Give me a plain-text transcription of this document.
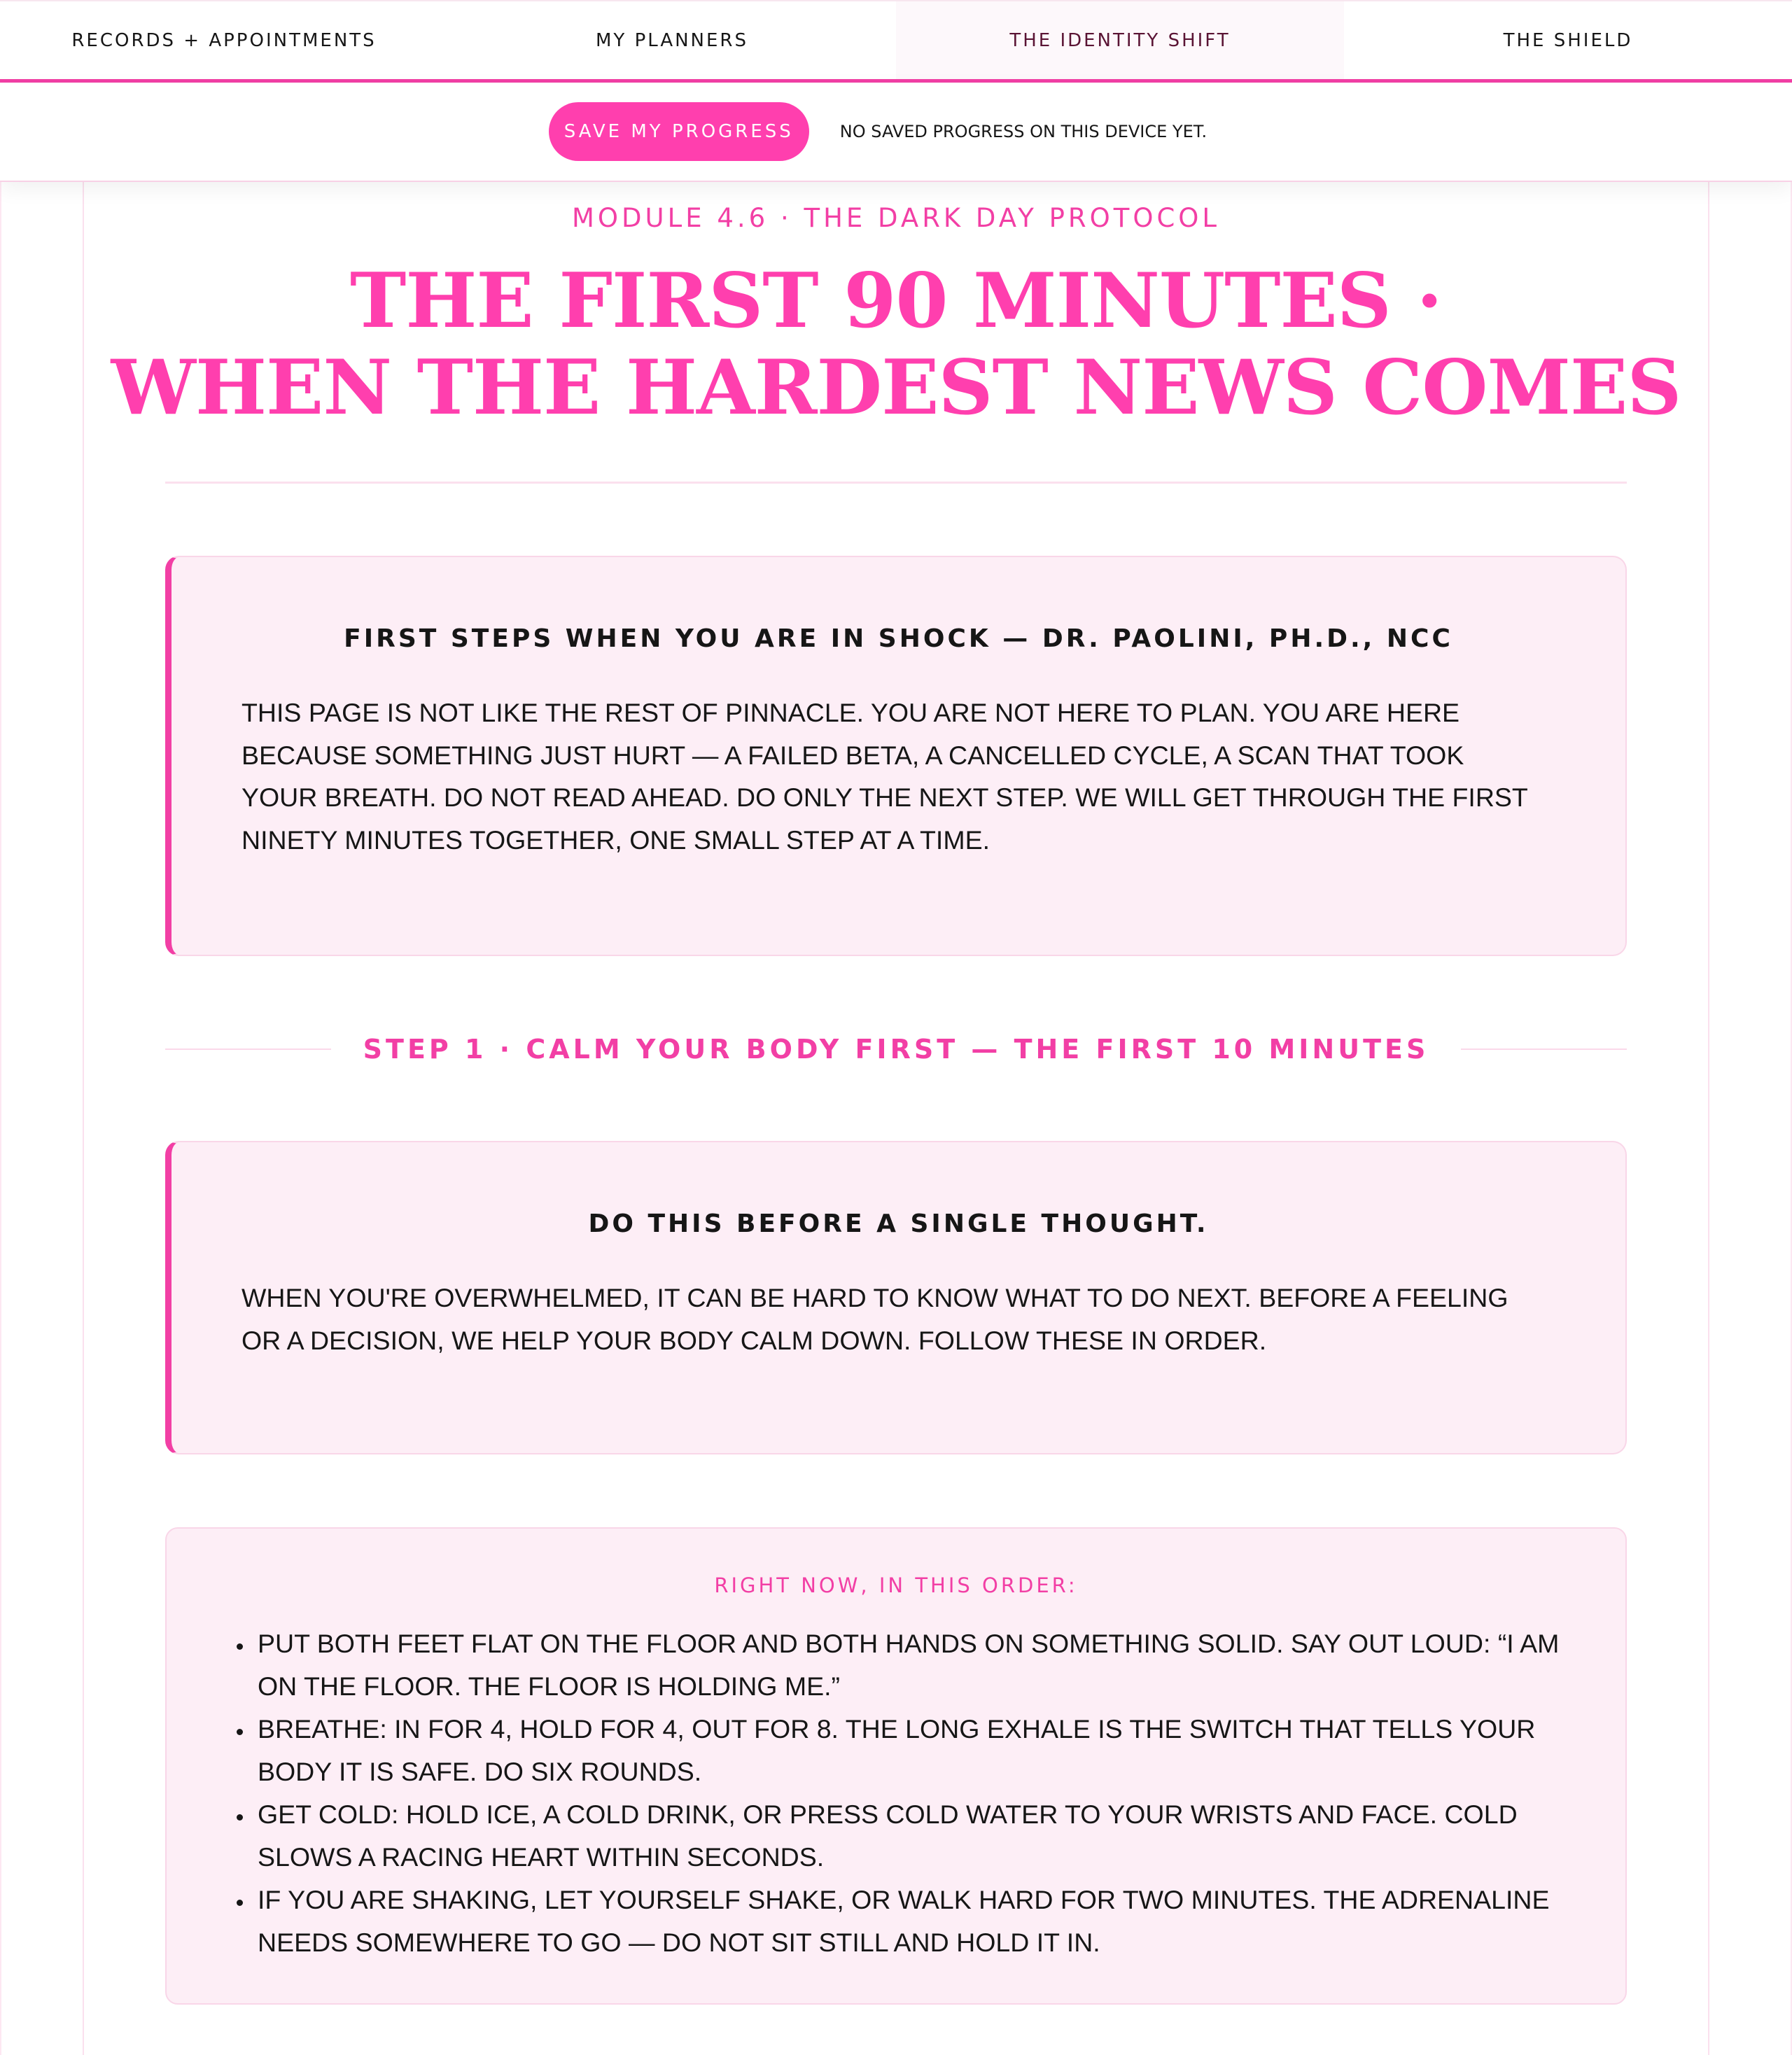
RECORDS + APPOINTMENTS	MY PLANNERS	THE IDENTITY SHIFT	THE SHIELD
SAVE MY PROGRESS	NO SAVED PROGRESS ON THIS DEVICE YET.
MODULE 4.6 · THE DARK DAY PROTOCOL
THE FIRST 90 MINUTES ·
WHEN THE HARDEST NEWS COMES
FIRST STEPS WHEN YOU ARE IN SHOCK — DR. PAOLINI, PH.D., NCC

THIS PAGE IS NOT LIKE THE REST OF PINNACLE. YOU ARE NOT HERE TO PLAN. YOU ARE HERE BECAUSE SOMETHING JUST HURT — A FAILED BETA, A CANCELLED CYCLE, A SCAN THAT TOOK YOUR BREATH. DO NOT READ AHEAD. DO ONLY THE NEXT STEP. WE WILL GET THROUGH THE FIRST NINETY MINUTES TOGETHER, ONE SMALL STEP AT A TIME.

STEP 1 · CALM YOUR BODY FIRST — THE FIRST 10 MINUTES
DO THIS BEFORE A SINGLE THOUGHT.

WHEN YOU'RE OVERWHELMED, IT CAN BE HARD TO KNOW WHAT TO DO NEXT. BEFORE A FEELING OR A DECISION, WE HELP YOUR BODY CALM DOWN. FOLLOW THESE IN ORDER.

RIGHT NOW, IN THIS ORDER:
• PUT BOTH FEET FLAT ON THE FLOOR AND BOTH HANDS ON SOMETHING SOLID. SAY OUT LOUD: “I AM ON THE FLOOR. THE FLOOR IS HOLDING ME.”
• BREATHE: IN FOR 4, HOLD FOR 4, OUT FOR 8. THE LONG EXHALE IS THE SWITCH THAT TELLS YOUR BODY IT IS SAFE. DO SIX ROUNDS.
• GET COLD: HOLD ICE, A COLD DRINK, OR PRESS COLD WATER TO YOUR WRISTS AND FACE. COLD SLOWS A RACING HEART WITHIN SECONDS.
• IF YOU ARE SHAKING, LET YOURSELF SHAKE, OR WALK HARD FOR TWO MINUTES. THE ADRENALINE NEEDS SOMEWHERE TO GO — DO NOT SIT STILL AND HOLD IT IN.
